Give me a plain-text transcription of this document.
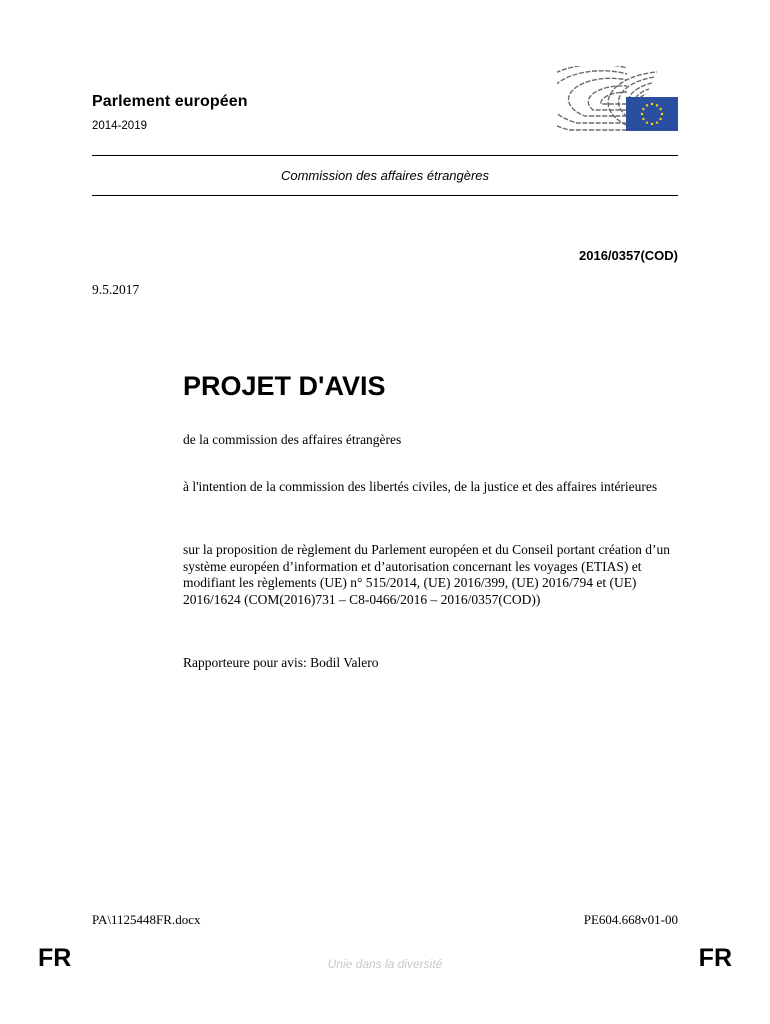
Parlement européen
2014-2019
Commission des affaires étrangères
2016/0357(COD)
9.5.2017
PROJET D'AVIS
de la commission des affaires étrangères
à l'intention de la commission des libertés civiles, de la justice et des affaires intérieures
sur la proposition de règlement du Parlement européen et du Conseil portant création d’un système européen d’information et d’autorisation concernant les voyages (ETIAS) et modifiant les règlements (UE) n° 515/2014, (UE) 2016/399, (UE) 2016/794 et (UE) 2016/1624 (COM(2016)731 – C8-0466/2016 – 2016/0357(COD))
Rapporteure pour avis: Bodil Valero
PA\1125448FR.docx	PE604.668v01-00
FR	Unie dans la diversité	FR
